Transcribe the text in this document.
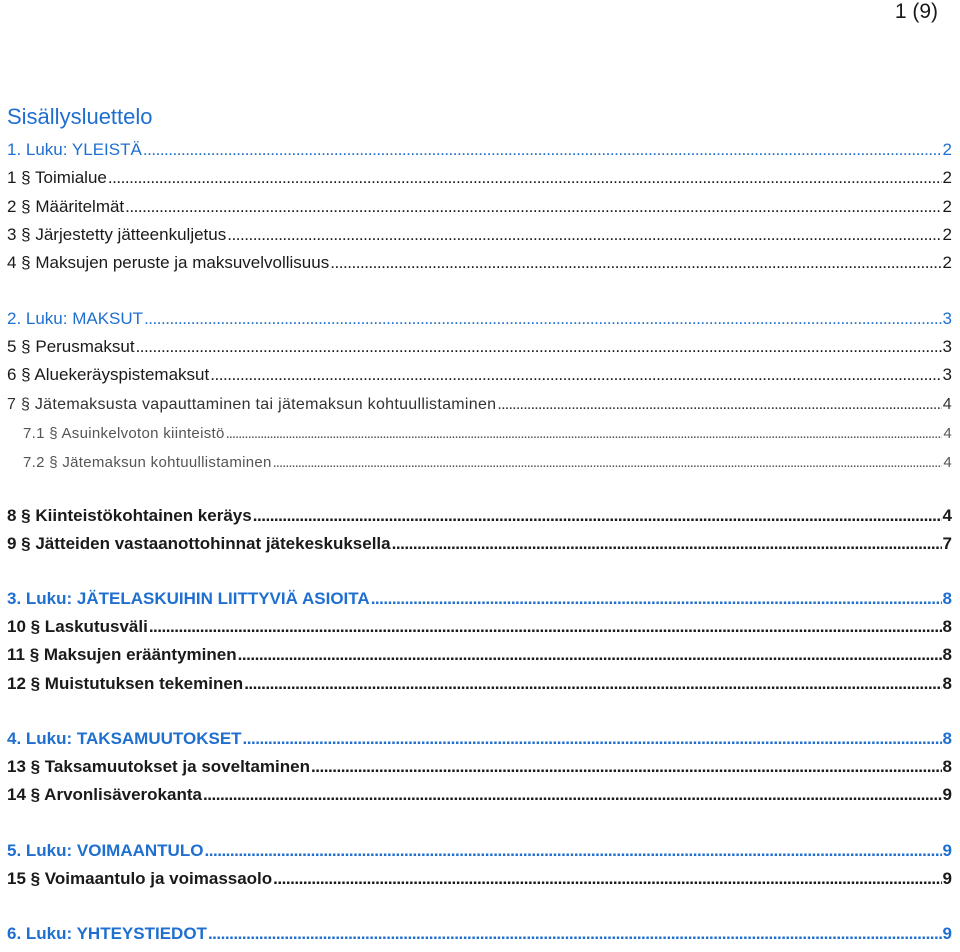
1 (9)
Sisällysluettelo
1. Luku: YLEISTÄ . . .	2
1 § Toimialue . . .	2
2 § Määritelmät . . .	2
3 § Järjestetty jätteenkuljetus . . .	2
4 § Maksujen peruste ja maksuvelvollisuus . . .	2
2. Luku: MAKSUT . . .	3
5 § Perusmaksut . . .	3
6 § Aluekeräyspistemaksut . . .	3
7 § Jätemaksusta vapauttaminen tai jätemaksun kohtuullistaminen . . .	4
7.1 § Asuinkelvoton kiinteistö . . .	4
7.2 § Jätemaksun kohtuullistaminen . . .	4
8 § Kiinteistökohtainen keräys . . .	4
9 § Jätteiden vastaanottohinnat jätekeskuksella . . .	7
3. Luku: JÄTELASKUIHIN LIITTYVIÄ ASIOITA . . .	8
10 § Laskutusväli . . .	8
11 § Maksujen erääntyminen . . .	8
12 § Muistutuksen tekeminen . . .	8
4. Luku: TAKSAMUUTOKSET . . .	8
13 § Taksamuutokset ja soveltaminen . . .	8
14 § Arvonlisäverokanta . . .	9
5. Luku: VOIMAANTULO . . .	9
15 § Voimaantulo ja voimassaolo . . .	9
6. Luku: YHTEYSTIEDOT . . .	9
